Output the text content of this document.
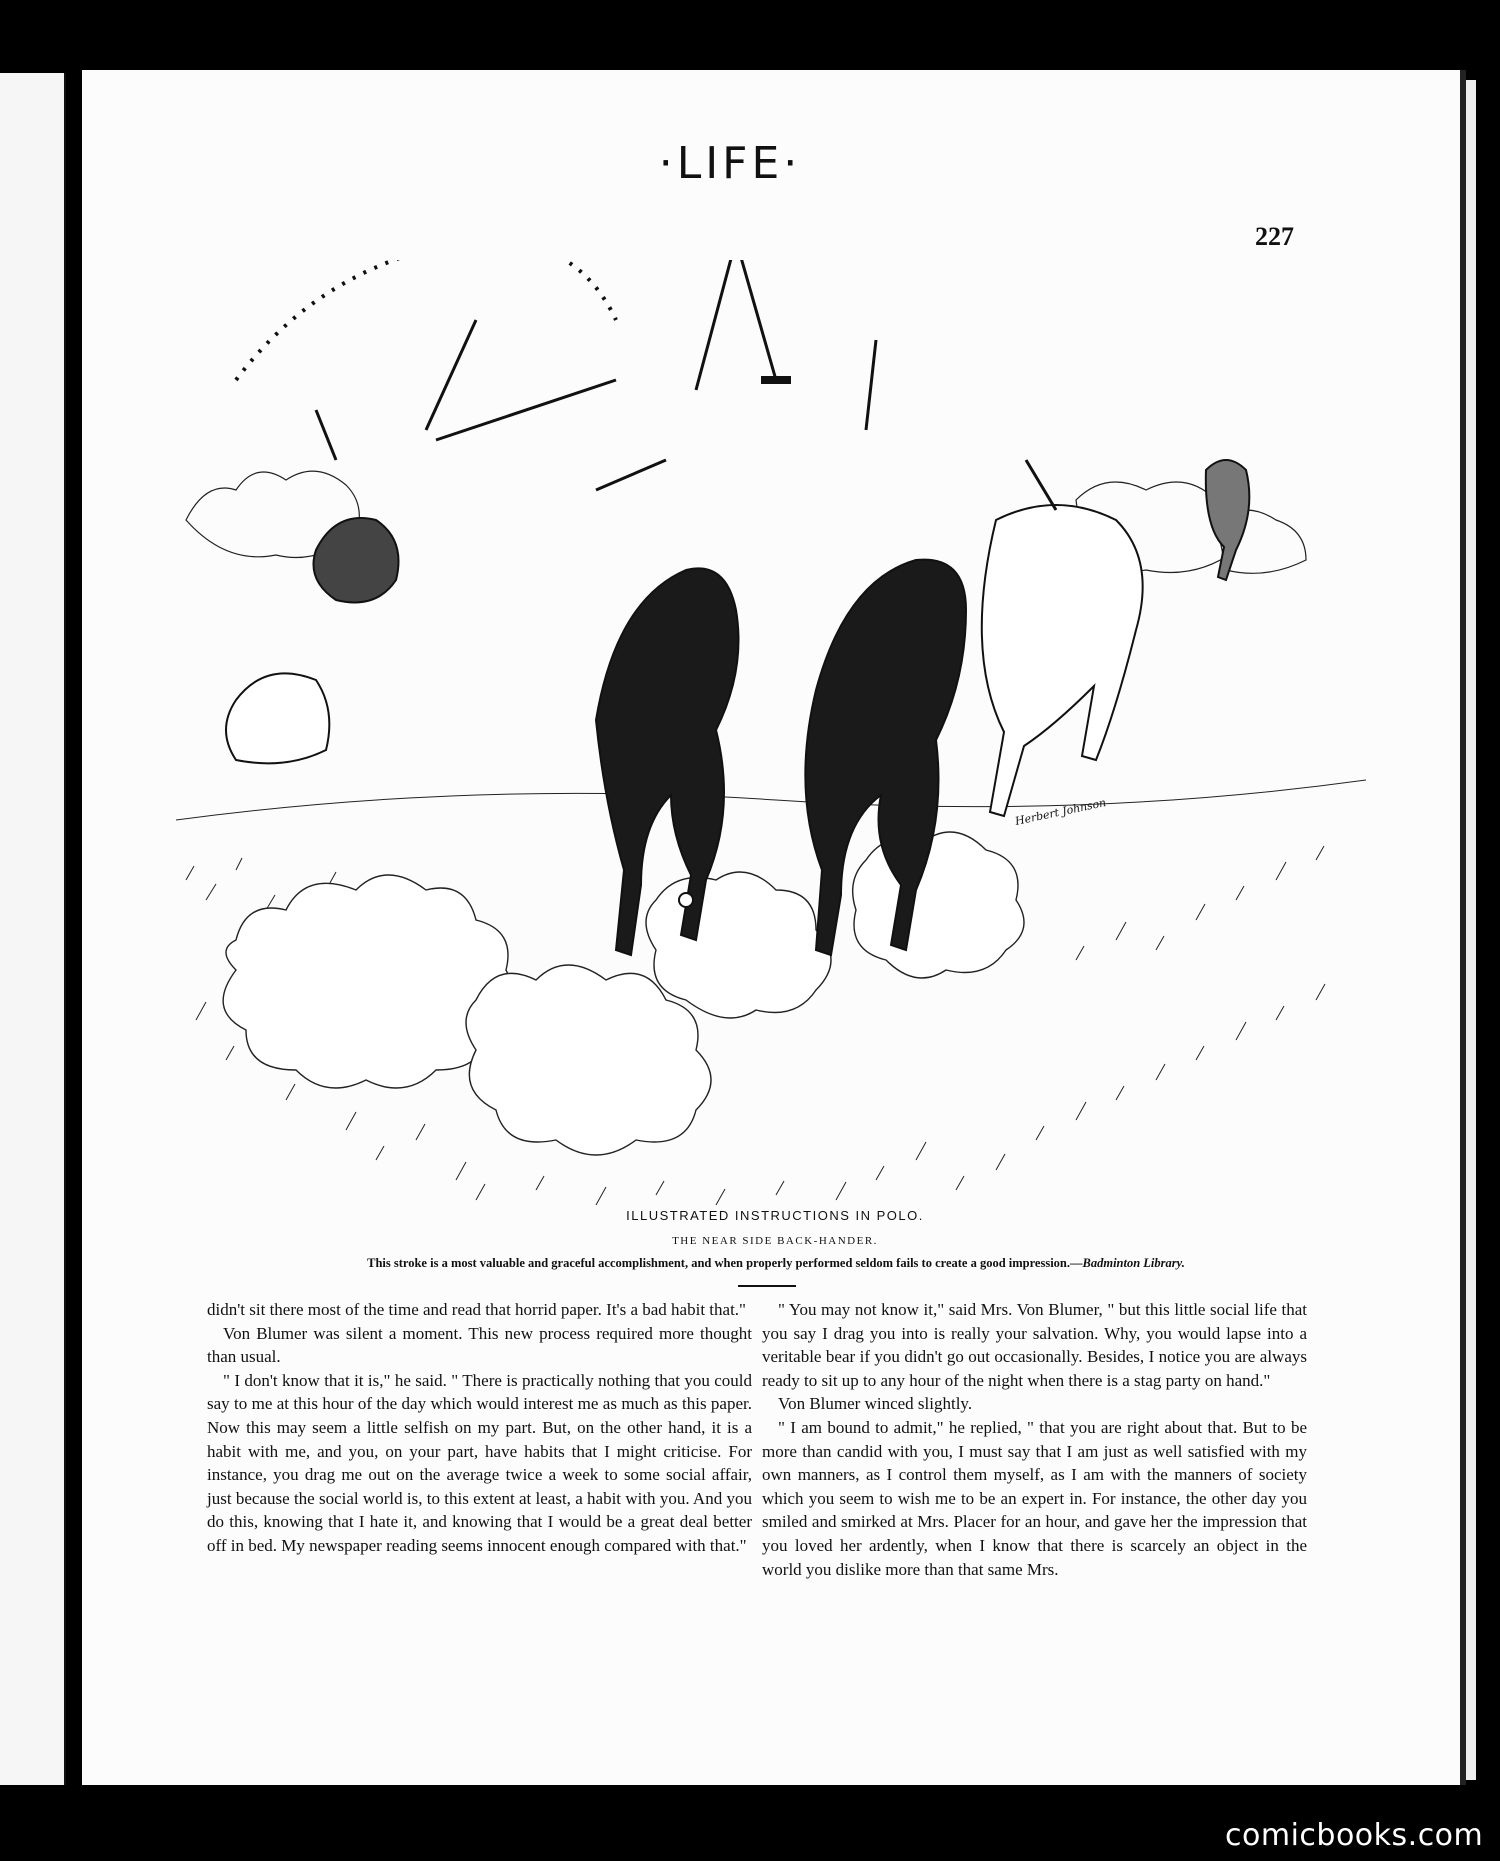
·LIFE·
227
Herbert Johnson
ILLUSTRATED INSTRUCTIONS IN POLO.
THE NEAR SIDE BACK-HANDER.
This stroke is a most valuable and graceful accomplishment, and when properly performed seldom fails to create a good impression.—Badminton Library.

didn't sit there most of the time and read that horrid paper. It's a bad habit that."

Von Blumer was silent a moment. This new process required more thought than usual.

" I don't know that it is," he said. " There is practically nothing that you could say to me at this hour of the day which would interest me as much as this paper. Now this may seem a little selfish on my part. But, on the other hand, it is a habit with me, and you, on your part, have habits that I might criticise. For instance, you drag me out on the average twice a week to some social affair, just because the social world is, to this extent at least, a habit with you. And you do this, knowing that I hate it, and knowing that I would be a great deal better off in bed. My newspaper reading seems innocent enough compared with that."

" You may not know it," said Mrs. Von Blumer, " but this little social life that you say I drag you into is really your salvation. Why, you would lapse into a veritable bear if you didn't go out occasionally. Besides, I notice you are always ready to sit up to any hour of the night when there is a stag party on hand."

Von Blumer winced slightly.

" I am bound to admit," he replied, " that you are right about that. But to be more than candid with you, I must say that I am just as well satisfied with my own manners, as I control them myself, as I am with the manners of society which you seem to wish me to be an expert in. For instance, the other day you smiled and smirked at Mrs. Placer for an hour, and gave her the impression that you loved her ardently, when I know that there is scarcely an object in the world you dislike more than that same Mrs.

comicbooks.com
